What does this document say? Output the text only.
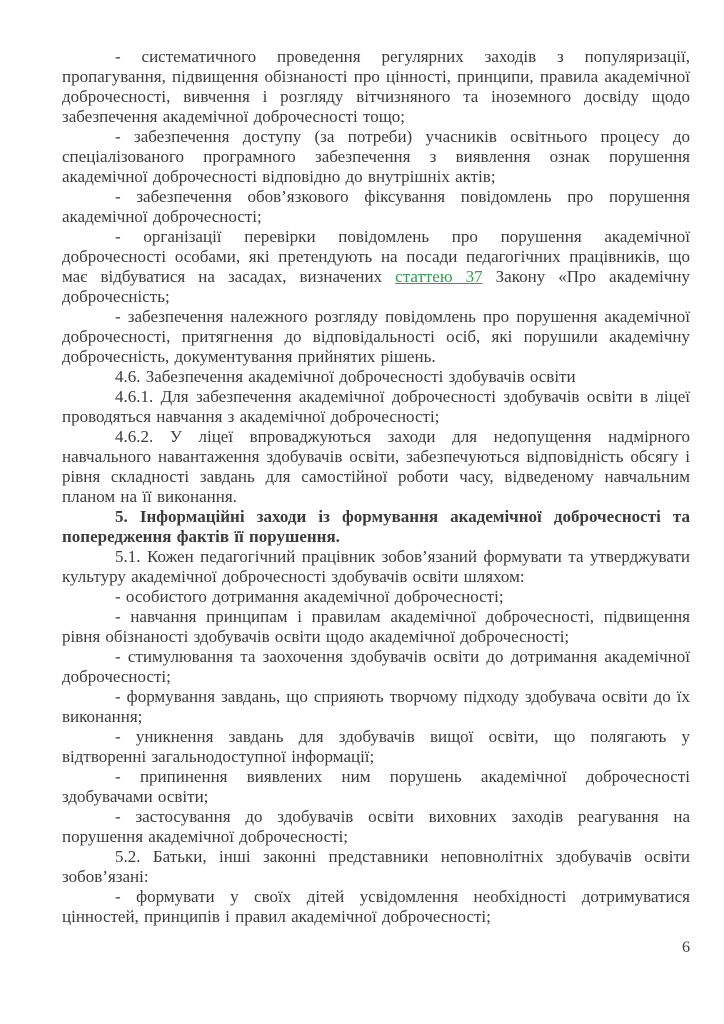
- систематичного проведення регулярних заходів з популяризації, пропагування, підвищення обізнаності про цінності, принципи, правила академічної доброчесності, вивчення і розгляду вітчизняного та іноземного досвіду щодо забезпечення академічної доброчесності тощо;

- забезпечення доступу (за потреби) учасників освітнього процесу до спеціалізованого програмного забезпечення з виявлення ознак порушення академічної доброчесності відповідно до внутрішніх актів;

- забезпечення обов’язкового фіксування повідомлень про порушення академічної доброчесності;

- організації перевірки повідомлень про порушення академічної доброчесності особами, які претендують на посади педагогічних працівників, що має відбуватися на засадах, визначених статтею 37 Закону «Про академічну доброчесність;

- забезпечення належного розгляду повідомлень про порушення академічної доброчесності, притягнення до відповідальності осіб, які порушили академічну доброчесність, документування прийнятих рішень.

4.6. Забезпечення академічної доброчесності здобувачів освіти

4.6.1. Для забезпечення академічної доброчесності здобувачів освіти в ліцеї проводяться навчання з академічної доброчесності;

4.6.2. У ліцеї впроваджуються заходи для недопущення надмірного навчального навантаження здобувачів освіти, забезпечуються відповідність обсягу і рівня складності завдань для самостійної роботи часу, відведеному навчальним планом на її виконання.

5. Інформаційні заходи із формування академічної доброчесності та попередження фактів її порушення.

5.1. Кожен педагогічний працівник зобов’язаний формувати та утверджувати культуру академічної доброчесності здобувачів освіти шляхом:

- особистого дотримання академічної доброчесності;

- навчання принципам і правилам академічної доброчесності, підвищення рівня обізнаності здобувачів освіти щодо академічної доброчесності;

- стимулювання та заохочення здобувачів освіти до дотримання академічної доброчесності;

- формування завдань, що сприяють творчому підходу здобувача освіти до їх виконання;

- уникнення завдань для здобувачів вищої освіти, що полягають у відтворенні загальнодоступної інформації;

- припинення виявлених ним порушень академічної доброчесності здобувачами освіти;

- застосування до здобувачів освіти виховних заходів реагування на порушення академічної доброчесності;

5.2. Батьки, інші законні представники неповнолітніх здобувачів освіти зобов’язані:

- формувати у своїх дітей усвідомлення необхідності дотримуватися цінностей, принципів і правил академічної доброчесності;

6
